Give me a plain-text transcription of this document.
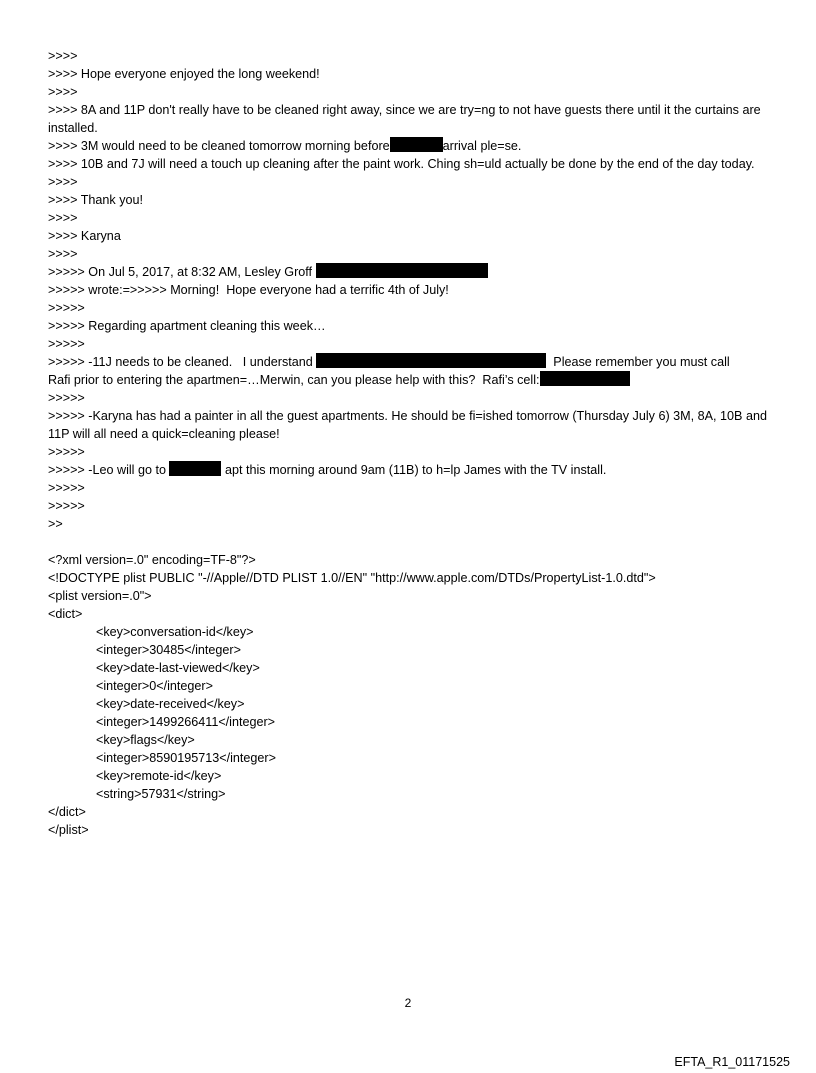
>>>>
>>>> Hope everyone enjoyed the long weekend!
>>>>
>>>> 8A and 11P don't really have to be cleaned right away, since we are try=ng to not have guests there until it the curtains are installed.
>>>> 3M would need to be cleaned tomorrow morning before	arrival ple=se.
>>>> 10B and 7J will need a touch up cleaning after the paint work. Ching sh=uld actually be done by the end of the day today.
>>>>
>>>> Thank you!
>>>>
>>>> Karyna
>>>>
>>>>> On Jul 5, 2017, at 8:32 AM, Lesley Groff
>>>>> wrote:=>>>>> Morning!  Hope everyone had a terrific 4th of July!
>>>>>
>>>>> Regarding apartment cleaning this week…
>>>>>
>>>>> -11J needs to be cleaned.   I understand	Please remember you must call
Rafi prior to entering the apartmen=…Merwin, can you please help with this?  Rafi’s cell:
>>>>>
>>>>> -Karyna has had a painter in all the guest apartments. He should be fi=ished tomorrow (Thursday July 6) 3M, 8A, 10B and 11P will all need a quick=cleaning please!
>>>>>
>>>>> -Leo will go to	apt this morning around 9am (11B) to h=lp James with the TV install.
>>>>>
>>>>>
>>
<?xml version=.0" encoding=TF-8"?>
<!DOCTYPE plist PUBLIC "-//Apple//DTD PLIST 1.0//EN" "http://www.apple.com/DTDs/PropertyList-1.0.dtd">
<plist version=.0">
<dict>
<key>conversation-id</key>
<integer>30485</integer>
<key>date-last-viewed</key>
<integer>0</integer>
<key>date-received</key>
<integer>1499266411</integer>
<key>flags</key>
<integer>8590195713</integer>
<key>remote-id</key>
<string>57931</string>
</dict>
</plist>
2
EFTA_R1_01171525
